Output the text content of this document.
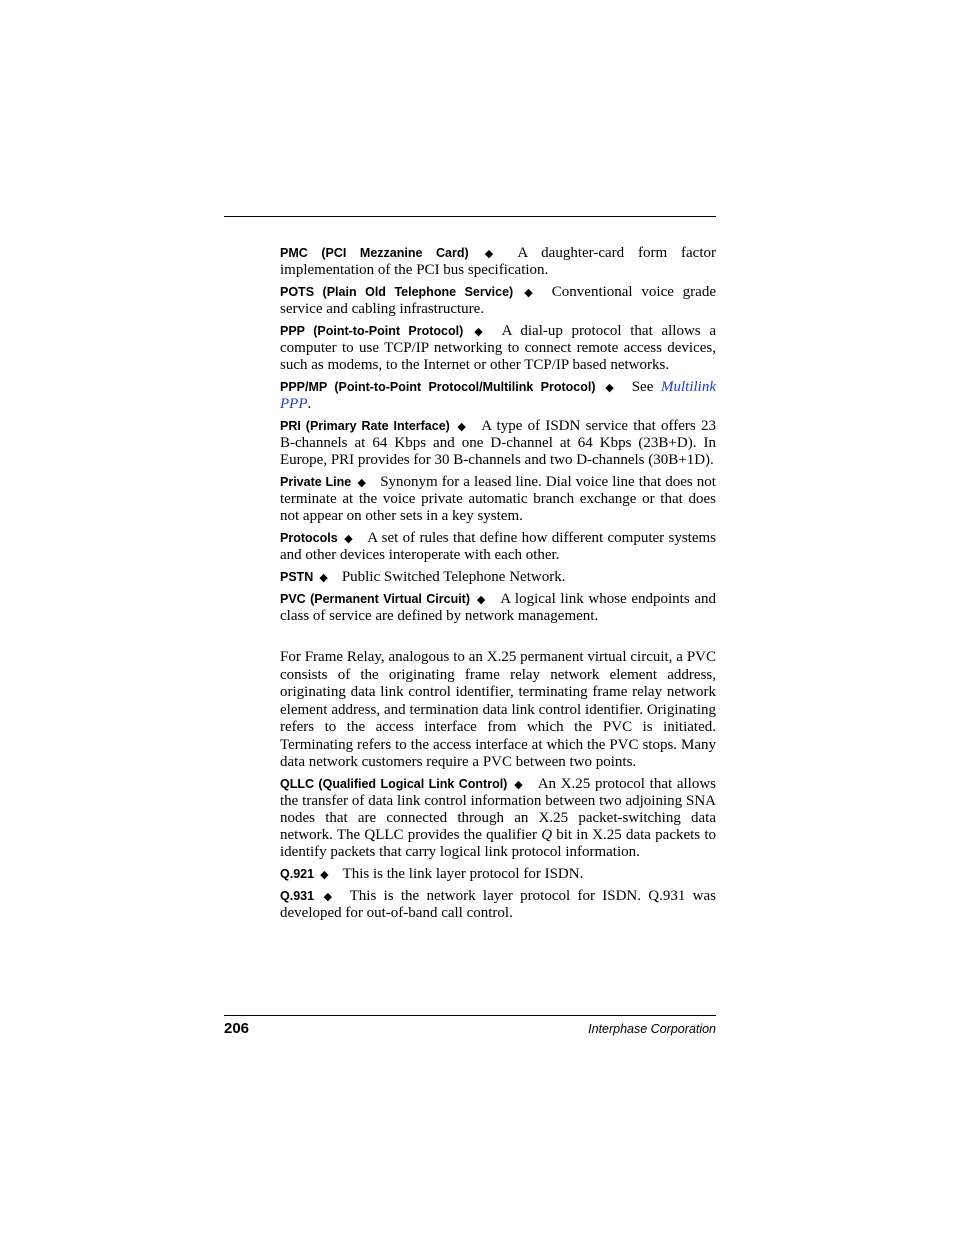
PMC (PCI Mezzanine Card) ◆ A daughter-card form factor implementation of the PCI bus specification.

POTS (Plain Old Telephone Service) ◆ Conventional voice grade service and cabling infrastructure.

PPP (Point-to-Point Protocol) ◆ A dial-up protocol that allows a computer to use TCP/IP networking to connect remote access devices, such as modems, to the Internet or other TCP/IP based networks.

PPP/MP (Point-to-Point Protocol/Multilink Protocol) ◆ See Multilink PPP.

PRI (Primary Rate Interface) ◆ A type of ISDN service that offers 23 B-channels at 64 Kbps and one D-channel at 64 Kbps (23B+D). In Europe, PRI provides for 30 B-channels and two D-channels (30B+1D).

Private Line ◆ Synonym for a leased line. Dial voice line that does not terminate at the voice private automatic branch exchange or that does not appear on other sets in a key system.

Protocols ◆ A set of rules that define how different computer systems and other devices interoperate with each other.

PSTN ◆ Public Switched Telephone Network.

PVC (Permanent Virtual Circuit) ◆ A logical link whose endpoints and class of service are defined by network management.

For Frame Relay, analogous to an X.25 permanent virtual circuit, a PVC consists of the originating frame relay network element address, originating data link control identifier, terminating frame relay network element address, and termination data link control identifier. Originating refers to the access interface from which the PVC is initiated. Terminating refers to the access interface at which the PVC stops. Many data network customers require a PVC between two points.

QLLC (Qualified Logical Link Control) ◆ An X.25 protocol that allows the transfer of data link control information between two adjoining SNA nodes that are connected through an X.25 packet-switching data network. The QLLC provides the qualifier Q bit in X.25 data packets to identify packets that carry logical link protocol information.

Q.921 ◆ This is the link layer protocol for ISDN.

Q.931 ◆ This is the network layer protocol for ISDN. Q.931 was developed for out-of-band call control.

206	Interphase Corporation
